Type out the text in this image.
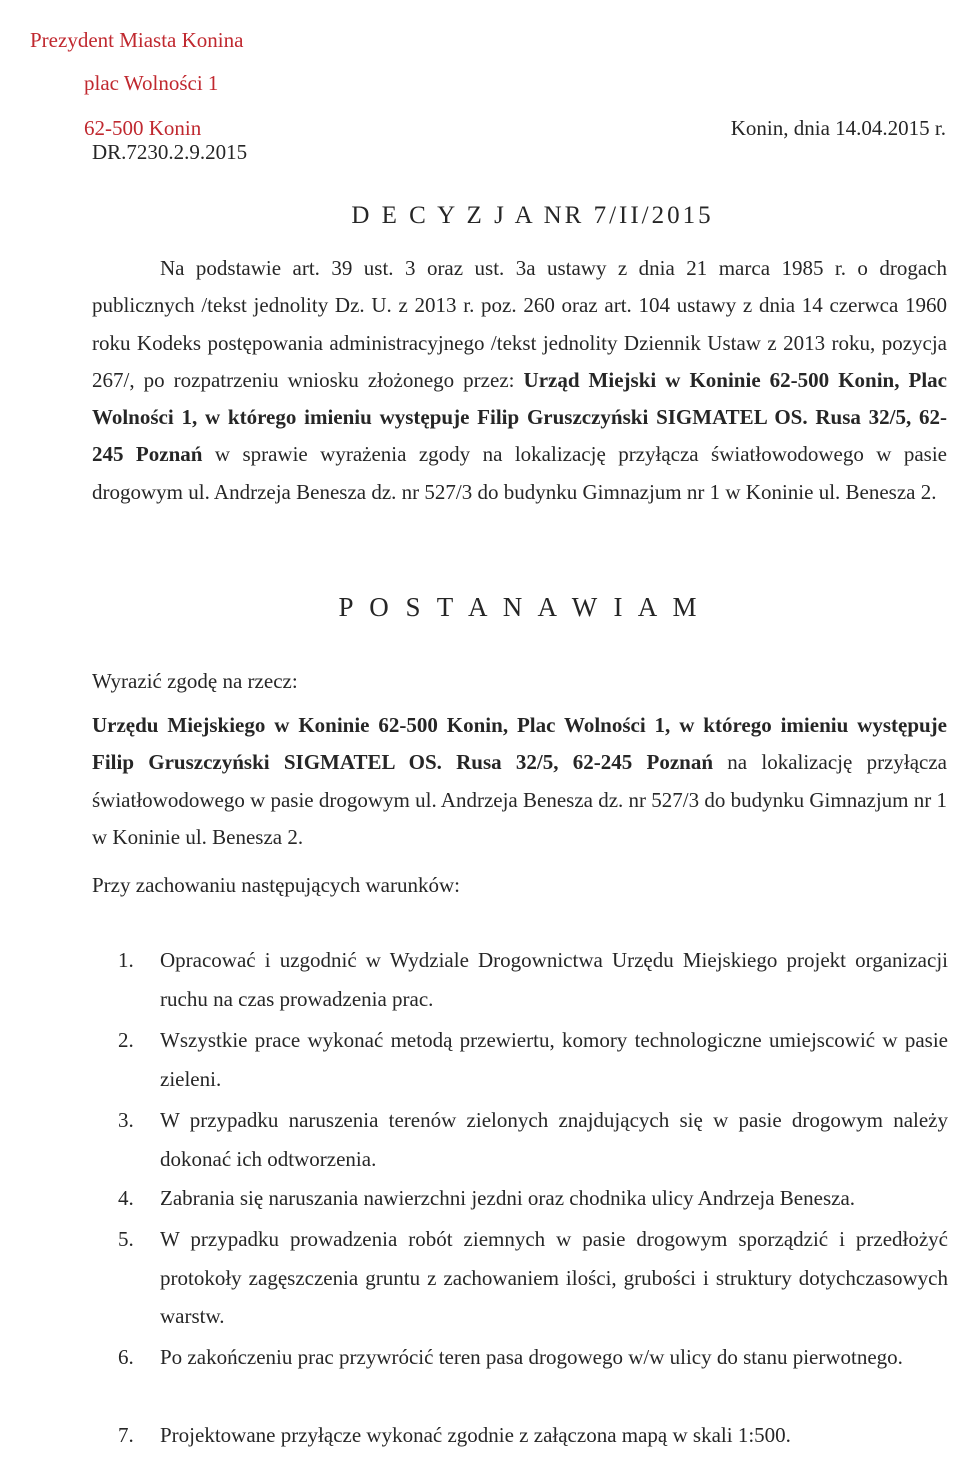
Prezydent Miasta Konina
plac Wolności 1
62-500 Konin
DR.7230.2.9.2015
Konin, dnia 14.04.2015 r.
D E C Y Z J A NR 7/II/2015

Na podstawie art. 39 ust. 3 oraz ust. 3a ustawy z dnia 21 marca 1985 r. o drogach publicznych /tekst jednolity Dz. U. z 2013 r. poz. 260 oraz art. 104 ustawy z dnia 14 czerwca 1960 roku Kodeks postępowania administracyjnego /tekst jednolity Dziennik Ustaw z 2013 roku, pozycja 267/, po rozpatrzeniu wniosku złożonego przez: Urząd Miejski w Koninie 62-500 Konin, Plac Wolności 1, w którego imieniu występuje Filip Gruszczyński SIGMATEL OS. Rusa 32/5, 62-245 Poznań w sprawie wyrażenia zgody na lokalizację przyłącza światłowodowego w pasie drogowym ul. Andrzeja Benesza dz. nr 527/3 do budynku Gimnazjum nr 1 w Koninie ul. Benesza 2.

P O S T A N A W I A M
Wyrazić zgodę na rzecz:

Urzędu Miejskiego w Koninie 62-500 Konin, Plac Wolności 1, w którego imieniu występuje Filip Gruszczyński SIGMATEL OS. Rusa 32/5, 62-245 Poznań na lokalizację przyłącza światłowodowego w pasie drogowym ul. Andrzeja Benesza dz. nr 527/3 do budynku Gimnazjum nr 1 w Koninie ul. Benesza 2.

Przy zachowaniu następujących warunków:
1.	Opracować i uzgodnić w Wydziale Drogownictwa Urzędu Miejskiego projekt organizacji ruchu na czas prowadzenia prac.
2.	Wszystkie prace wykonać metodą przewiertu, komory technologiczne umiejscowić w pasie zieleni.
3.	W przypadku naruszenia terenów zielonych znajdujących się w pasie drogowym należy dokonać ich odtworzenia.
4.	Zabrania się naruszania nawierzchni jezdni oraz chodnika ulicy Andrzeja Benesza.
5.	W przypadku prowadzenia robót ziemnych w pasie drogowym sporządzić i przedłożyć protokoły zagęszczenia gruntu z zachowaniem ilości, grubości i struktury dotychczasowych warstw.
6.	Po zakończeniu prac przywrócić teren pasa drogowego w/w ulicy do stanu pierwotnego.
7.	Projektowane przyłącze wykonać zgodnie z załączona mapą w skali 1:500.
